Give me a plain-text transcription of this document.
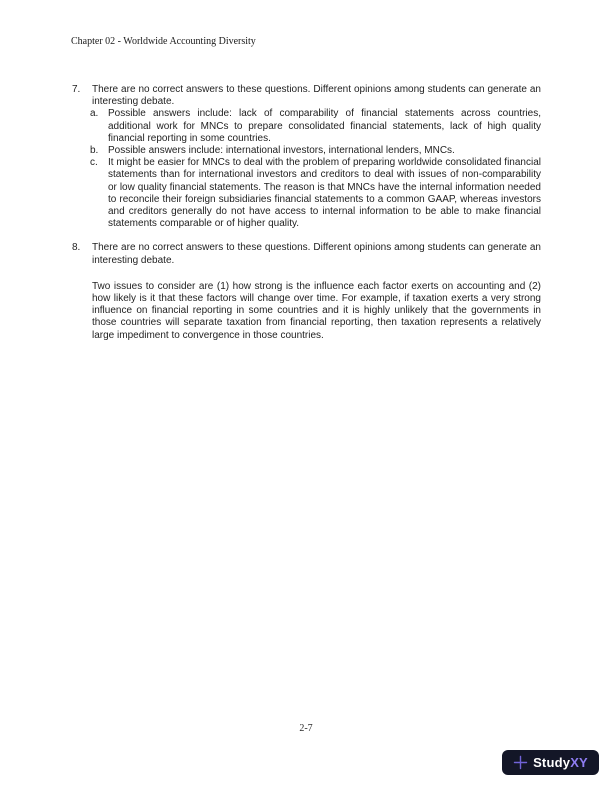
Chapter 02 - Worldwide Accounting Diversity
7.	There are no correct answers to these questions. Different opinions among students can generate an interesting debate.

a. Possible answers include: lack of comparability of financial statements across countries, additional work for MNCs to prepare consolidated financial statements, lack of high quality financial reporting in some countries.

b. Possible answers include: international investors, international lenders, MNCs.

c.	It might be easier for MNCs to deal with the problem of preparing worldwide consolidated financial statements than for international investors and creditors to deal with issues of non-comparability or low quality financial statements. The reason is that MNCs have the internal information needed to reconcile their foreign subsidiaries financial statements to a common GAAP, whereas investors and creditors generally do not have access to internal information to be able to make financial statements comparable or of higher quality.

8.	There are no correct answers to these questions. Different opinions among students can generate an interesting debate.

Two issues to consider are (1) how strong is the influence each factor exerts on accounting and (2) how likely is it that these factors will change over time. For example, if taxation exerts a very strong influence on financial reporting in some countries and it is highly unlikely that the governments in those countries will separate taxation from financial reporting, then taxation represents a relatively large impediment to convergence in those countries.

2-7
StudyXY
